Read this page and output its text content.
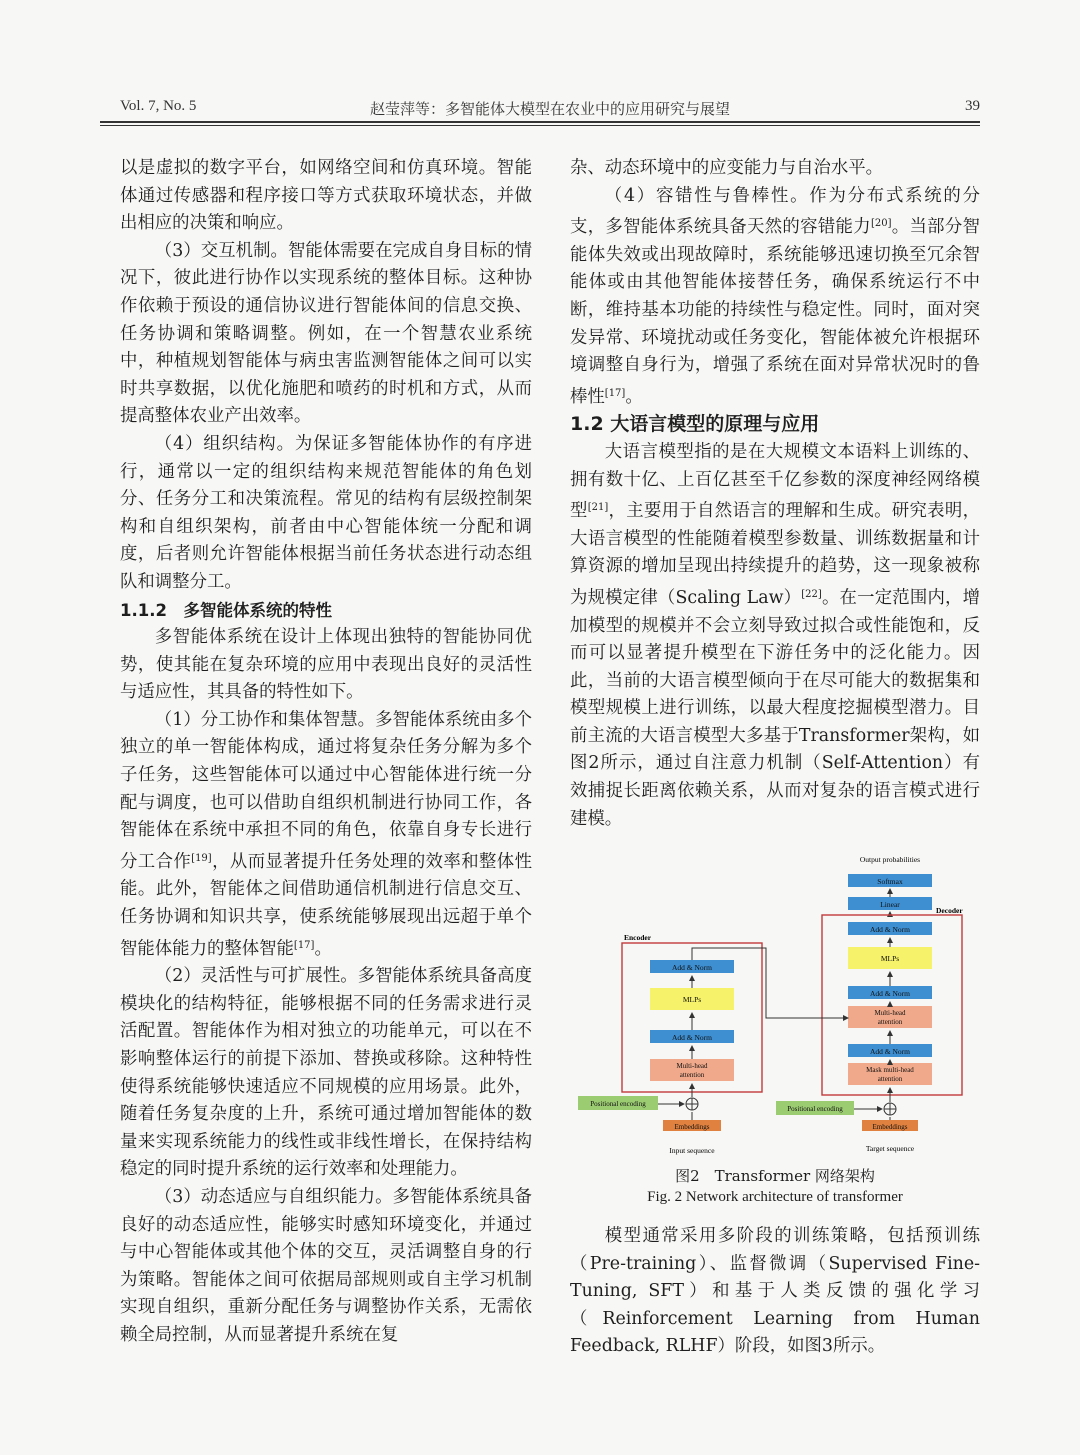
Vol. 7, No. 5	赵莹萍等：多智能体大模型在农业中的应用研究与展望	39

以是虚拟的数字平台，如网络空间和仿真环境。智能体通过传感器和程序接口等方式获取环境状态，并做出相应的决策和响应。

（3）交互机制。智能体需要在完成自身目标的情况下，彼此进行协作以实现系统的整体目标。这种协作依赖于预设的通信协议进行智能体间的信息交换、任务协调和策略调整。例如，在一个智慧农业系统中，种植规划智能体与病虫害监测智能体之间可以实时共享数据，以优化施肥和喷药的时机和方式，从而提高整体农业产出效率。

（4）组织结构。为保证多智能体协作的有序进行，通常以一定的组织结构来规范智能体的角色划分、任务分工和决策流程。常见的结构有层级控制架构和自组织架构，前者由中心智能体统一分配和调度，后者则允许智能体根据当前任务状态进行动态组队和调整分工。

1.1.2　多智能体系统的特性

多智能体系统在设计上体现出独特的智能协同优势，使其能在复杂环境的应用中表现出良好的灵活性与适应性，其具备的特性如下。

（1）分工协作和集体智慧。多智能体系统由多个独立的单一智能体构成，通过将复杂任务分解为多个子任务，这些智能体可以通过中心智能体进行统一分配与调度，也可以借助自组织机制进行协同工作，各智能体在系统中承担不同的角色，依靠自身专长进行分工合作[19]，从而显著提升任务处理的效率和整体性能。此外，智能体之间借助通信机制进行信息交互、任务协调和知识共享，使系统能够展现出远超于单个智能体能力的整体智能[17]。

（2）灵活性与可扩展性。多智能体系统具备高度模块化的结构特征，能够根据不同的任务需求进行灵活配置。智能体作为相对独立的功能单元，可以在不影响整体运行的前提下添加、替换或移除。这种特性使得系统能够快速适应不同规模的应用场景。此外，随着任务复杂度的上升，系统可通过增加智能体的数量来实现系统能力的线性或非线性增长，在保持结构稳定的同时提升系统的运行效率和处理能力。

（3）动态适应与自组织能力。多智能体系统具备良好的动态适应性，能够实时感知环境变化，并通过与中心智能体或其他个体的交互，灵活调整自身的行为策略。智能体之间可依据局部规则或自主学习机制实现自组织，重新分配任务与调整协作关系，无需依赖全局控制，从而显著提升系统在复

杂、动态环境中的应变能力与自治水平。

（4）容错性与鲁棒性。作为分布式系统的分支，多智能体系统具备天然的容错能力[20]。当部分智能体失效或出现故障时，系统能够迅速切换至冗余智能体或由其他智能体接替任务，确保系统运行不中断，维持基本功能的持续性与稳定性。同时，面对突发异常、环境扰动或任务变化，智能体被允许根据环境调整自身行为，增强了系统在面对异常状况时的鲁棒性[17]。

1.2 大语言模型的原理与应用

大语言模型指的是在大规模文本语料上训练的、拥有数十亿、上百亿甚至千亿参数的深度神经网络模型[21]，主要用于自然语言的理解和生成。研究表明，大语言模型的性能随着模型参数量、训练数据量和计算资源的增加呈现出持续提升的趋势，这一现象被称为规模定律（Scaling Law）[22]。在一定范围内，增加模型的规模并不会立刻导致过拟合或性能饱和，反而可以显著提升模型在下游任务中的泛化能力。因此，当前的大语言模型倾向于在尽可能大的数据集和模型规模上进行训练，以最大程度挖掘模型潜力。目前主流的大语言模型大多基于Transformer架构，如图2所示，通过自注意力机制（Self-Attention）有效捕捉长距离依赖关系，从而对复杂的语言模式进行建模。

Output probabilities
Softmax
Linear
Decoder
Add & Norm
MLPs
Add & Norm
Multi-head
attention
Add & Norm
Mask multi-head
attention
Positional encoding
Embeddings
Target sequence
Encoder
Add & Norm
MLPs
Add & Norm
Multi-head
attention
Positional encoding
Embeddings
Input sequence
图2　Transformer 网络架构
Fig. 2 Network architecture of transformer

模型通常采用多阶段的训练策略，包括预训练（Pre-training）、监督微调（Supervised Fine-Tuning, SFT）和基于人类反馈的强化学习（Reinforcement Learning from Human Feedback, RLHF）阶段，如图3所示。
